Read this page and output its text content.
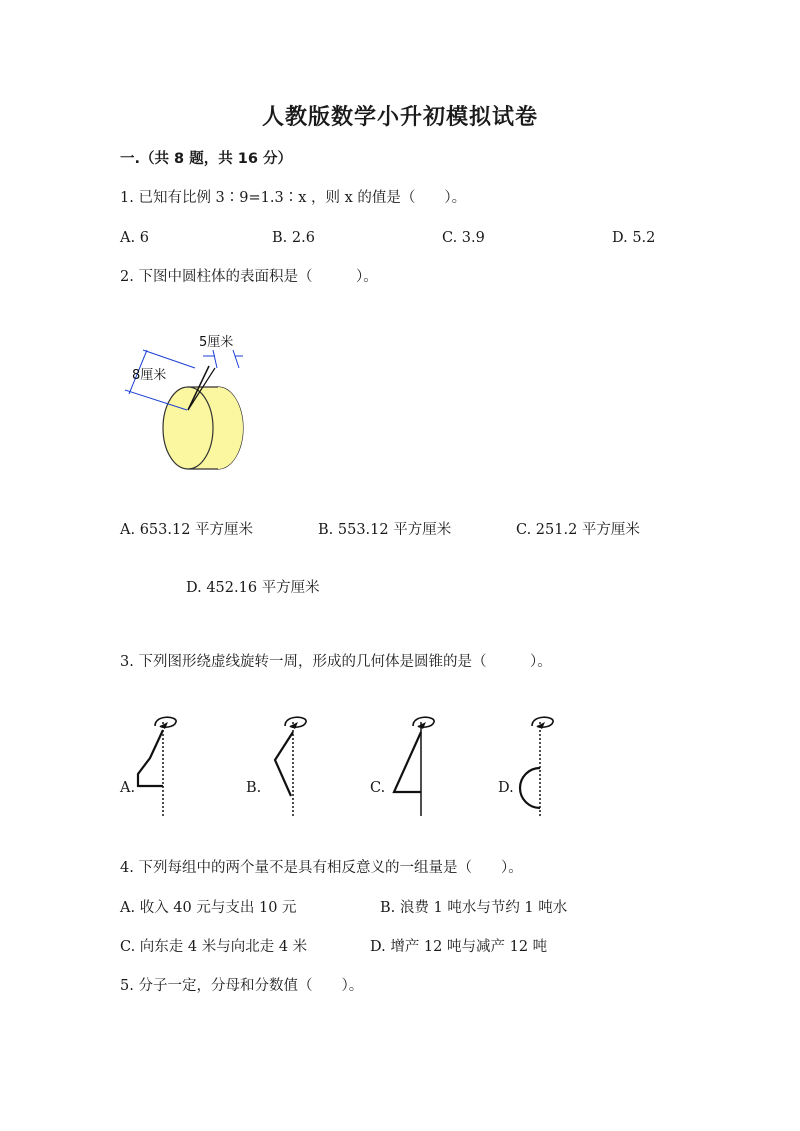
人教版数学小升初模拟试卷
一.（共 8 题，共 16 分）
1. 已知有比例 3∶9=1.3∶x ，则 x 的值是（　　）。
A. 6	B. 2.6	C. 3.9	D. 5.2
2. 下图中圆柱体的表面积是（　　　）。
5厘米
8厘米
A. 653.12 平方厘米	B. 553.12 平方厘米	C. 251.2 平方厘米
D. 452.16 平方厘米
3. 下列图形绕虚线旋转一周，形成的几何体是圆锥的是（　　　）。
A.	B.	C.	D.
4. 下列每组中的两个量不是具有相反意义的一组量是（　　）。
A. 收入 40 元与支出 10 元	B. 浪费 1 吨水与节约 1 吨水
C. 向东走 4 米与向北走 4 米	D. 增产 12 吨与减产 12 吨
5. 分子一定，分母和分数值（　　）。
